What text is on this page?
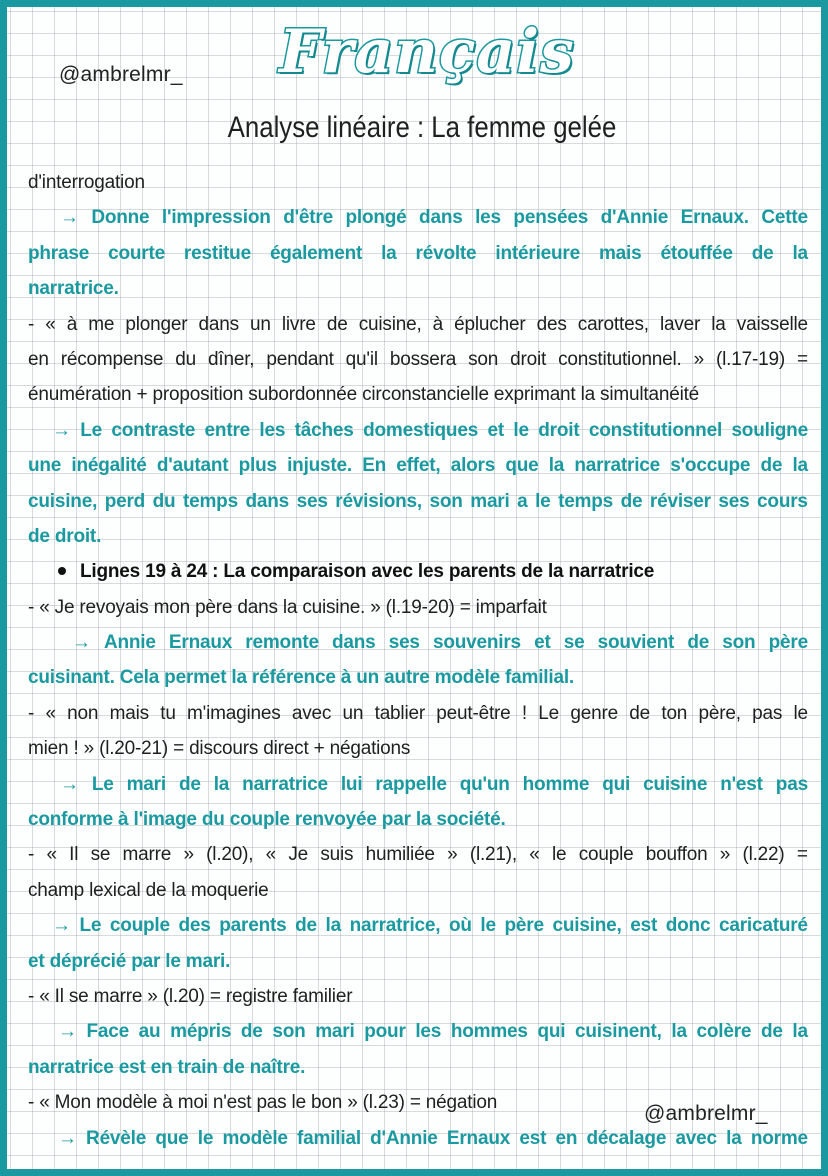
@ambrelmr_	Français
Analyse linéaire : La femme gelée
d'interrogation
→ Donne l'impression d'être plongé dans les pensées d'Annie Ernaux. Cette
phrase courte restitue également la révolte intérieure mais étouffée de la
narratrice.
- « à me plonger dans un livre de cuisine, à éplucher des carottes, laver la vaisselle
en récompense du dîner, pendant qu'il bossera son droit constitutionnel. » (l.17-19) =
énumération + proposition subordonnée circonstancielle exprimant la simultanéité
→ Le contraste entre les tâches domestiques et le droit constitutionnel souligne
une inégalité d'autant plus injuste. En effet, alors que la narratrice s'occupe de la
cuisine, perd du temps dans ses révisions, son mari a le temps de réviser ses cours
de droit.
Lignes 19 à 24 : La comparaison avec les parents de la narratrice
- « Je revoyais mon père dans la cuisine. » (l.19-20) = imparfait
→ Annie Ernaux remonte dans ses souvenirs et se souvient de son père
cuisinant. Cela permet la référence à un autre modèle familial.
- « non mais tu m'imagines avec un tablier peut-être ! Le genre de ton père, pas le
mien ! » (l.20-21) = discours direct + négations
→ Le mari de la narratrice lui rappelle qu'un homme qui cuisine n'est pas
conforme à l'image du couple renvoyée par la société.
- « Il se marre » (l.20), « Je suis humiliée » (l.21), « le couple bouffon » (l.22) =
champ lexical de la moquerie
→ Le couple des parents de la narratrice, où le père cuisine, est donc caricaturé
et déprécié par le mari.
- « Il se marre » (l.20) = registre familier
→ Face au mépris de son mari pour les hommes qui cuisinent, la colère de la
narratrice est en train de naître.
- « Mon modèle à moi n'est pas le bon » (l.23) = négation
→ Révèle que le modèle familial d'Annie Ernaux est en décalage avec la norme
@ambrelmr_
